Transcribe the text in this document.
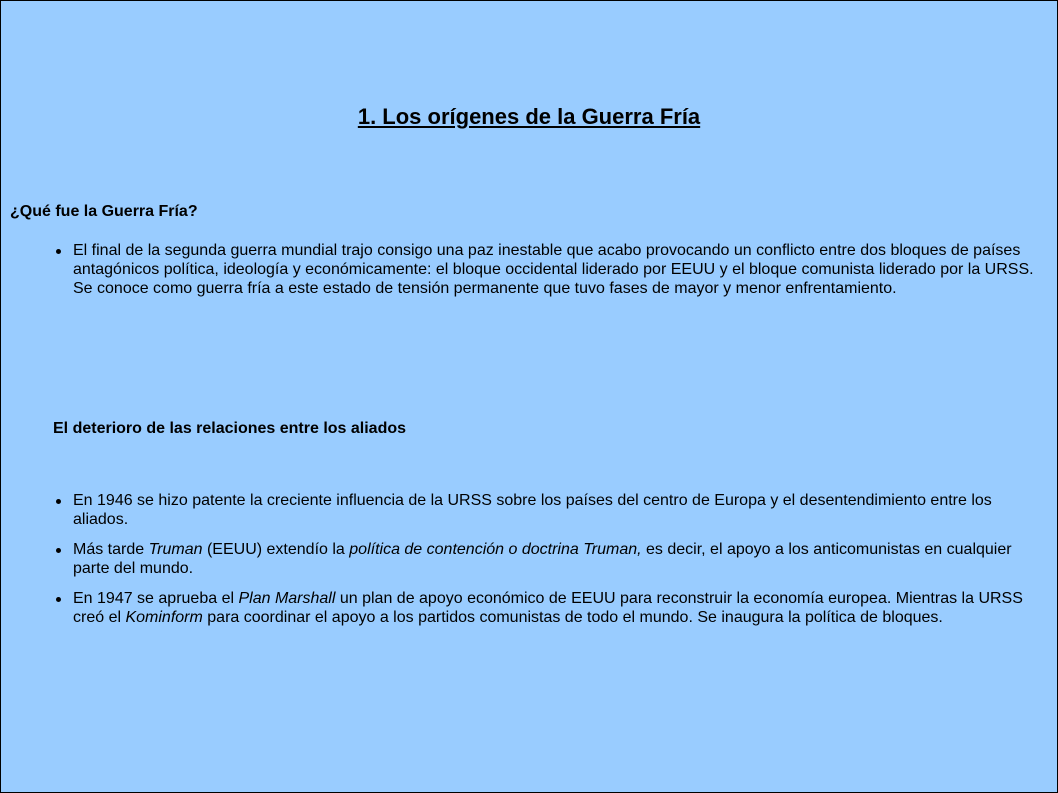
1. Los orígenes de la Guerra Fría

¿Qué fue la Guerra Fría?

El final de la segunda guerra mundial trajo consigo una paz inestable que acabo provocando un conflicto entre dos bloques de países antagónicos política, ideología y económicamente: el bloque occidental liderado por EEUU y el bloque comunista liderado por la URSS. Se conoce como guerra fría a este estado de tensión permanente que tuvo fases de mayor y menor enfrentamiento.

El deterioro de las relaciones entre los aliados

En 1946 se hizo patente la creciente influencia de la URSS sobre los países del centro de Europa y el desentendimiento entre los aliados.
Más tarde Truman (EEUU) extendío la política de contención o doctrina Truman, es decir, el apoyo a los anticomunistas en cualquier parte del mundo.
En 1947 se aprueba el Plan Marshall un plan de apoyo económico de EEUU para reconstruir la economía europea. Mientras la URSS creó el Kominform para coordinar el apoyo a los partidos comunistas de todo el mundo. Se inaugura la política de bloques.
